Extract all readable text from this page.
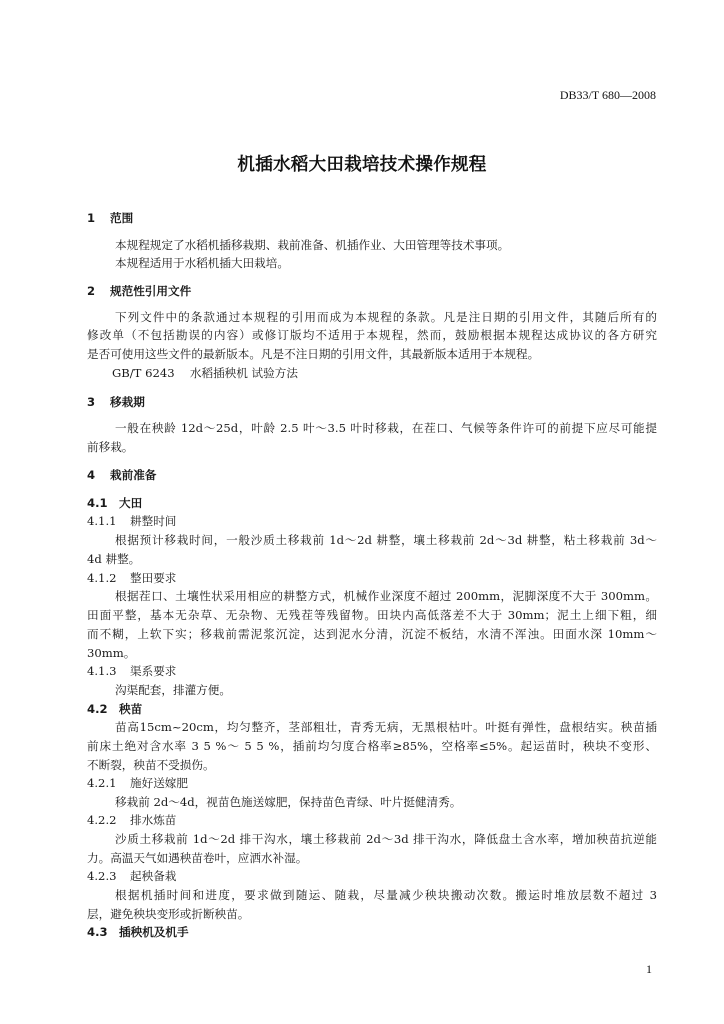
DB33/T 680—2008
机插水稻大田栽培技术操作规程
1 范围
本规程规定了水稻机插移栽期、栽前准备、机插作业、大田管理等技术事项。
本规程适用于水稻机插大田栽培。
2 规范性引用文件
下列文件中的条款通过本规程的引用而成为本规程的条款。凡是注日期的引用文件，其随后所有的
修改单（不包括勘误的内容）或修订版均不适用于本规程，然而，鼓励根据本规程达成协议的各方研究
是否可使用这些文件的最新版本。凡是不注日期的引用文件，其最新版本适用于本规程。
GB/T 6243　 水稻插秧机 试验方法
3 移栽期
一般在秧龄 12d～25d，叶龄 2.5 叶～3.5 叶时移栽，在茬口、气候等条件许可的前提下应尽可能提
前移栽。
4 栽前准备
4.1 大田
4.1.1 耕整时间
根据预计移栽时间，一般沙质土移栽前 1d～2d 耕整，壤土移栽前 2d～3d 耕整，粘土移栽前 3d～
4d 耕整。
4.1.2 整田要求
根据茬口、土壤性状采用相应的耕整方式，机械作业深度不超过 200mm，泥脚深度不大于 300mm。
田面平整，基本无杂草、无杂物、无残茬等残留物。田块内高低落差不大于 30mm；泥土上细下粗，细
而不糊，上软下实；移栽前需泥浆沉淀，达到泥水分清，沉淀不板结，水清不浑浊。田面水深 10mm～
30mm。
4.1.3 渠系要求
沟渠配套，排灌方便。
4.2 秧苗
苗高15cm~20cm，均匀整齐，茎部粗壮，青秀无病，无黑根枯叶。叶挺有弹性，盘根结实。秧苗插
前床土绝对含水率 3 5 %～ 5 5 %，插前均匀度合格率≥85%，空格率≤5%。起运苗时，秧块不变形、
不断裂，秧苗不受损伤。
4.2.1 施好送嫁肥
移栽前 2d～4d，视苗色施送嫁肥，保持苗色青绿、叶片挺健清秀。
4.2.2 排水炼苗
沙质土移栽前 1d～2d 排干沟水，壤土移栽前 2d～3d 排干沟水，降低盘土含水率，增加秧苗抗逆能
力。高温天气如遇秧苗卷叶，应洒水补湿。
4.2.3 起秧备栽
根据机插时间和进度，要求做到随运、随栽，尽量减少秧块搬动次数。搬运时堆放层数不超过 3
层，避免秧块变形或折断秧苗。
4.3 插秧机及机手
1
